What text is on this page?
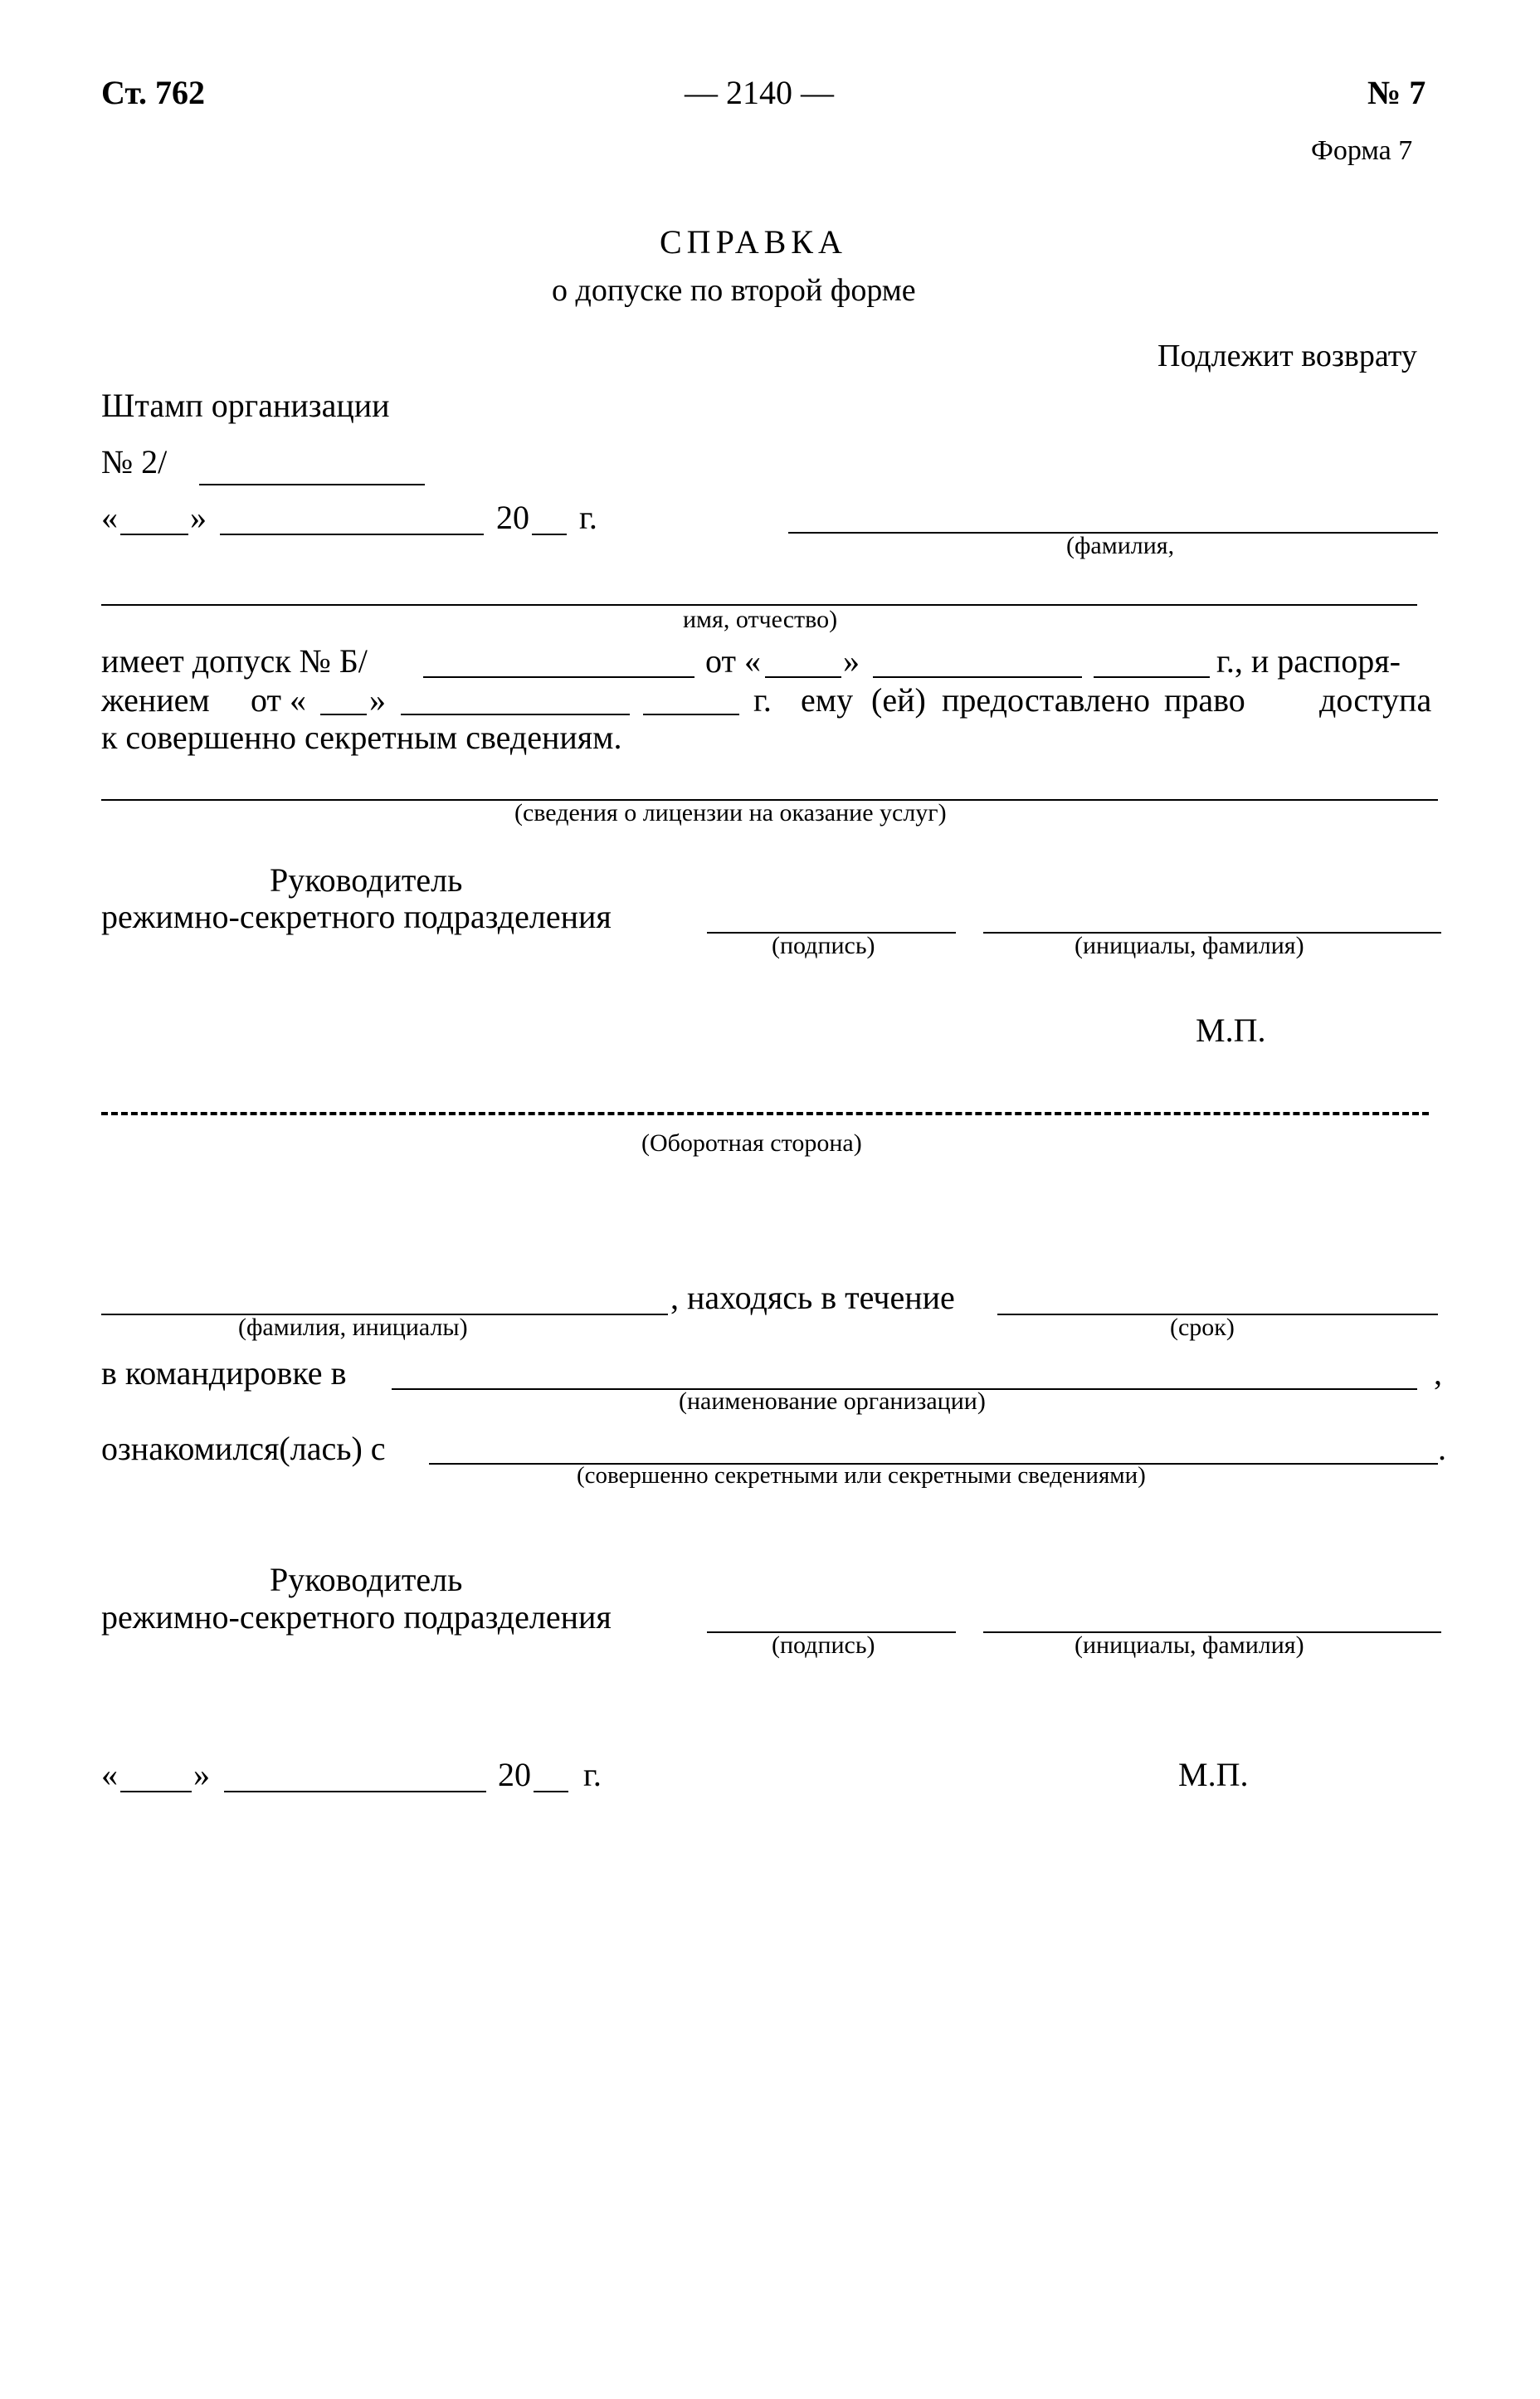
Ст. 762	— 2140 —	№ 7
Форма 7
СПРАВКА
о допуске по второй форме
Подлежит возврату
Штамп организации
№ 2/
« »	20 г.
(фамилия,
имя, отчество)
имеет допуск № Б/	от « »	г., и распоря-
жением от « »	г. ему (ей) предоставлено право доступа
к совершенно секретным сведениям.
(сведения о лицензии на оказание услуг)
Руководитель
режимно-секретного подразделения
(подпись)	(инициалы, фамилия)
М.П.
(Оборотная сторона)
, находясь в течение
(фамилия, инициалы)	(срок)
в командировке в	,
(наименование организации)
ознакомился(лась) с	.
(совершенно секретными или секретными сведениями)
Руководитель
режимно-секретного подразделения
(подпись)	(инициалы, фамилия)
« »	20 г.	М.П.
